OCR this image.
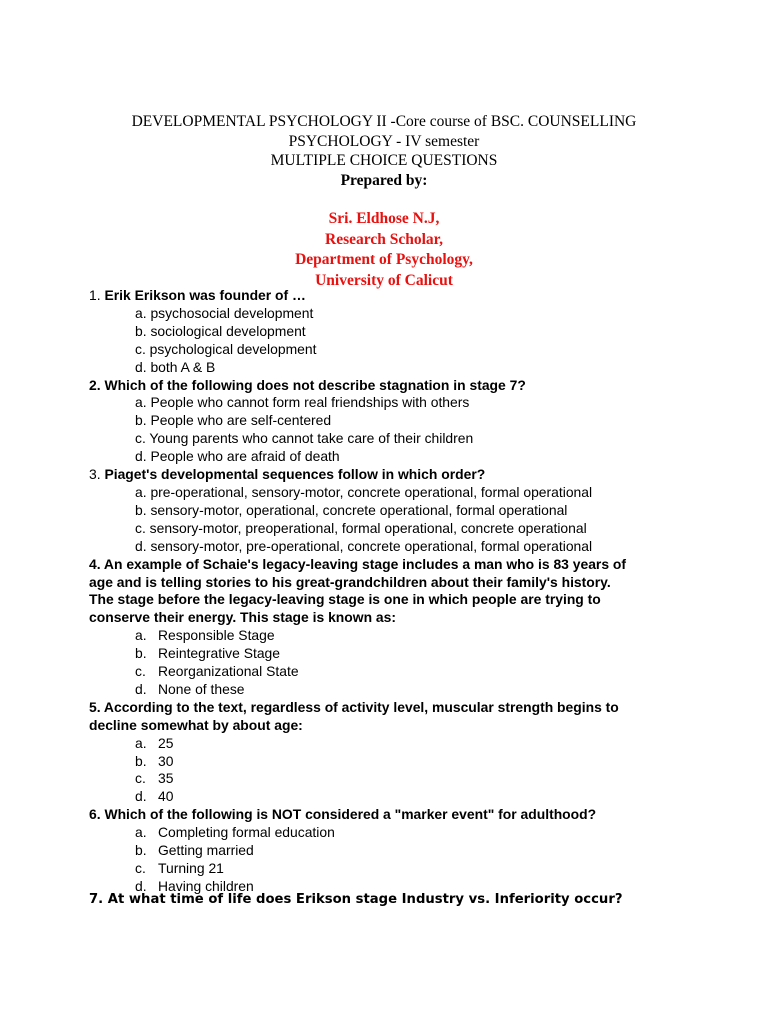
DEVELOPMENTAL PSYCHOLOGY II -Core course of BSC. COUNSELLING
PSYCHOLOGY - IV semester
MULTIPLE CHOICE QUESTIONS
Prepared by:
Sri. Eldhose N.J,
Research Scholar,
Department of Psychology,
University of Calicut
1. Erik Erikson was founder of …
a. psychosocial development
b. sociological development
c. psychological development
d. both A & B
2. Which of the following does not describe stagnation in stage 7?
a. People who cannot form real friendships with others
b. People who are self-centered
c. Young parents who cannot take care of their children
d. People who are afraid of death
3. Piaget's developmental sequences follow in which order?
a. pre-operational, sensory-motor, concrete operational, formal operational
b. sensory-motor, operational, concrete operational, formal operational
c. sensory-motor, preoperational, formal operational, concrete operational
d. sensory-motor, pre-operational, concrete operational, formal operational
4. An example of Schaie's legacy-leaving stage includes a man who is 83 years of
age and is telling stories to his great-grandchildren about their family's history.
The stage before the legacy-leaving stage is one in which people are trying to
conserve their energy. This stage is known as:
a. Responsible Stage
b. Reintegrative Stage
c. Reorganizational State
d. None of these
5. According to the text, regardless of activity level, muscular strength begins to
decline somewhat by about age:
a. 25
b. 30
c. 35
d. 40
6. Which of the following is NOT considered a "marker event" for adulthood?
a. Completing formal education
b. Getting married
c. Turning 21
d. Having children
7. At what time of life does Erikson stage Industry vs. Inferiority occur?
